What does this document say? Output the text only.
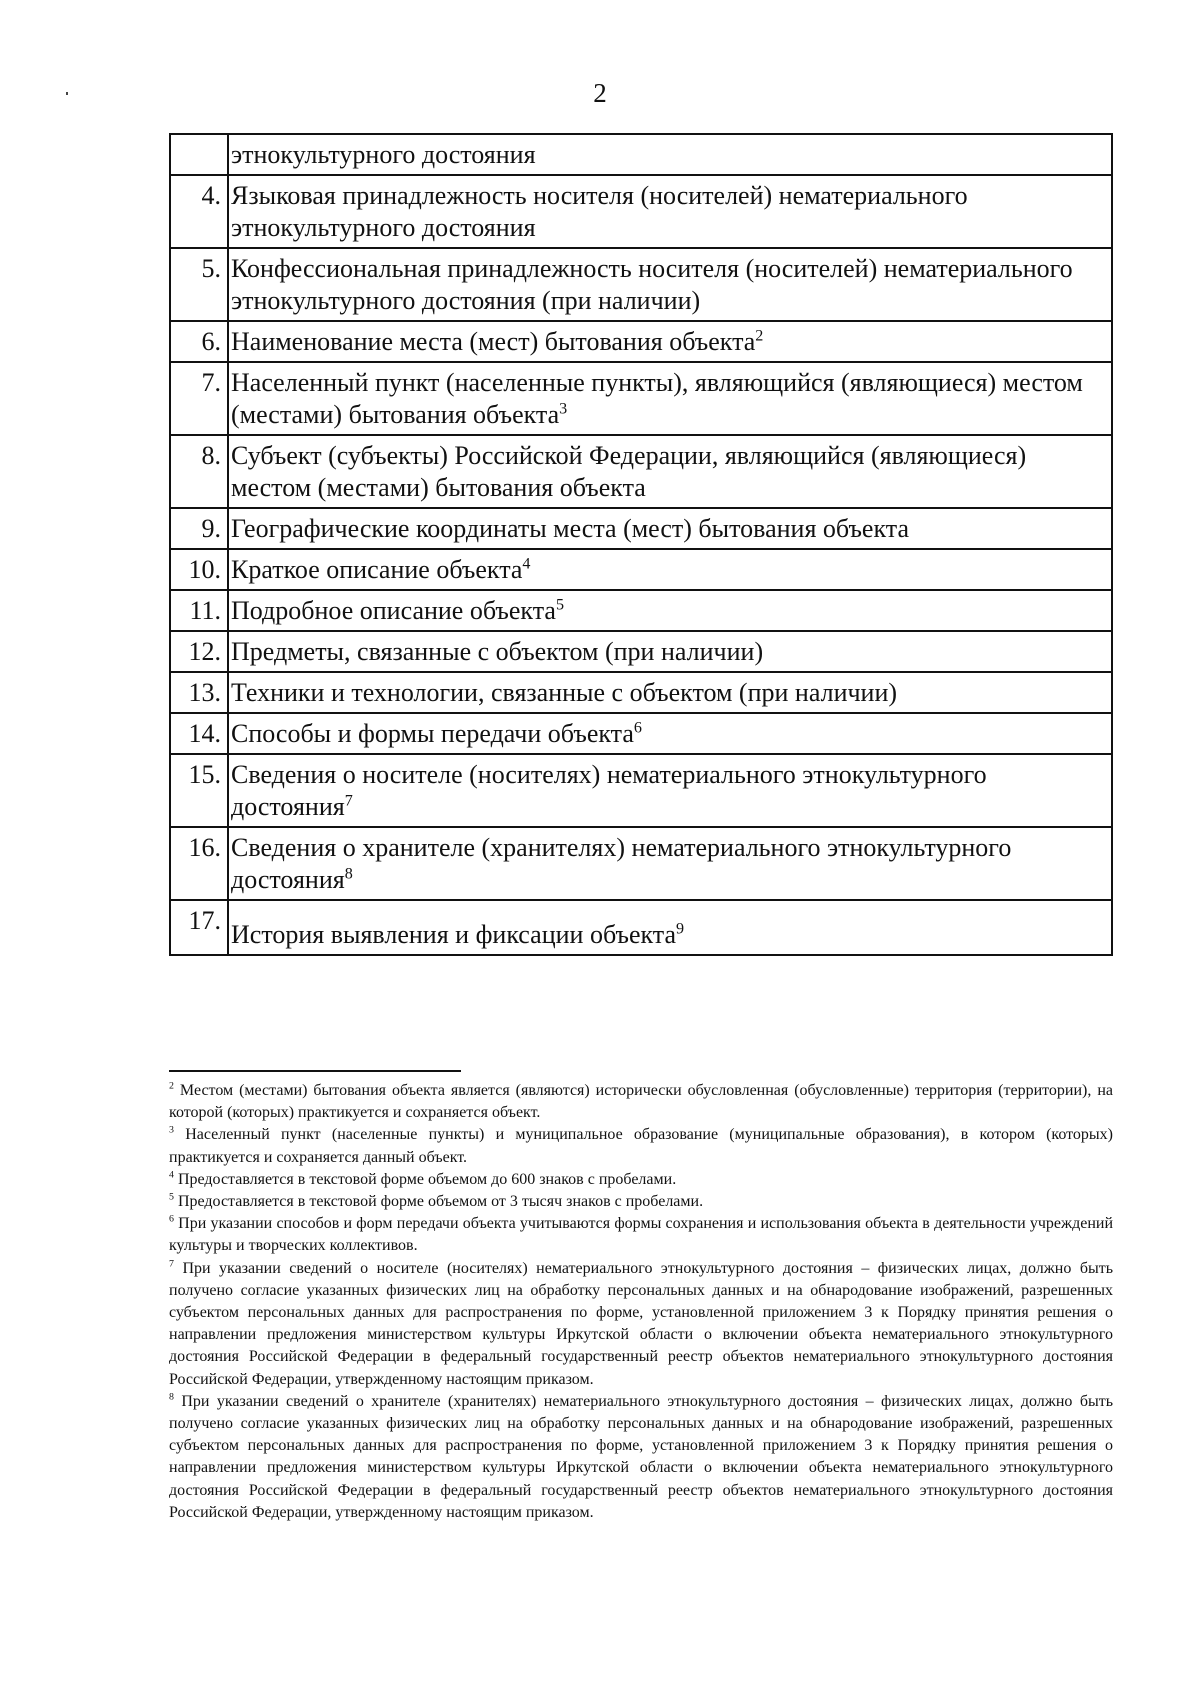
2
	этнокультурного достояния
4.	Языковая принадлежность носителя (носителей) нематериального этнокультурного достояния
5.	Конфессиональная принадлежность носителя (носителей) нематериального этнокультурного достояния (при наличии)
6.	Наименование места (мест) бытования объекта$^2$
7.	Населенный пункт (населенные пункты), являющийся (являющиеся) местом (местами) бытования объекта$^3$
8.	Субъект (субъекты) Российской Федерации, являющийся (являющиеся) местом (местами) бытования объекта
9.	Географические координаты места (мест) бытования объекта
10.	Краткое описание объекта$^4$
11.	Подробное описание объекта$^5$
12.	Предметы, связанные с объектом (при наличии)
13.	Техники и технологии, связанные с объектом (при наличии)
14.	Способы и формы передачи объекта$^6$
15.	Сведения о носителе (носителях) нематериального этнокультурного достояния$^7$
16.	Сведения о хранителе (хранителях) нематериального этнокультурного достояния$^8$
17.	История выявления и фиксации объекта$^9$

$^2$ Местом (местами) бытования объекта является (являются) исторически обусловленная (обусловленные) территория (территории), на которой (которых) практикуется и сохраняется объект.

$^3$ Населенный пункт (населенные пункты) и муниципальное образование (муниципальные образования), в котором (которых) практикуется и сохраняется данный объект.

$^4$ Предоставляется в текстовой форме объемом до 600 знаков с пробелами.

$^5$ Предоставляется в текстовой форме объемом от 3 тысяч знаков с пробелами.

$^6$ При указании способов и форм передачи объекта учитываются формы сохранения и использования объекта в деятельности учреждений культуры и творческих коллективов.

$^7$ При указании сведений о носителе (носителях) нематериального этнокультурного достояния – физических лицах, должно быть получено согласие указанных физических лиц на обработку персональных данных и на обнародование изображений, разрешенных субъектом персональных данных для распространения по форме, установленной приложением 3 к Порядку принятия решения о направлении предложения министерством культуры Иркутской области о включении объекта нематериального этнокультурного достояния Российской Федерации в федеральный государственный реестр объектов нематериального этнокультурного достояния Российской Федерации, утвержденному настоящим приказом.

$^8$ При указании сведений о хранителе (хранителях) нематериального этнокультурного достояния – физических лицах, должно быть получено согласие указанных физических лиц на обработку персональных данных и на обнародование изображений, разрешенных субъектом персональных данных для распространения по форме, установленной приложением 3 к Порядку принятия решения о направлении предложения министерством культуры Иркутской области о включении объекта нематериального этнокультурного достояния Российской Федерации в федеральный государственный реестр объектов нематериального этнокультурного достояния Российской Федерации, утвержденному настоящим приказом.
